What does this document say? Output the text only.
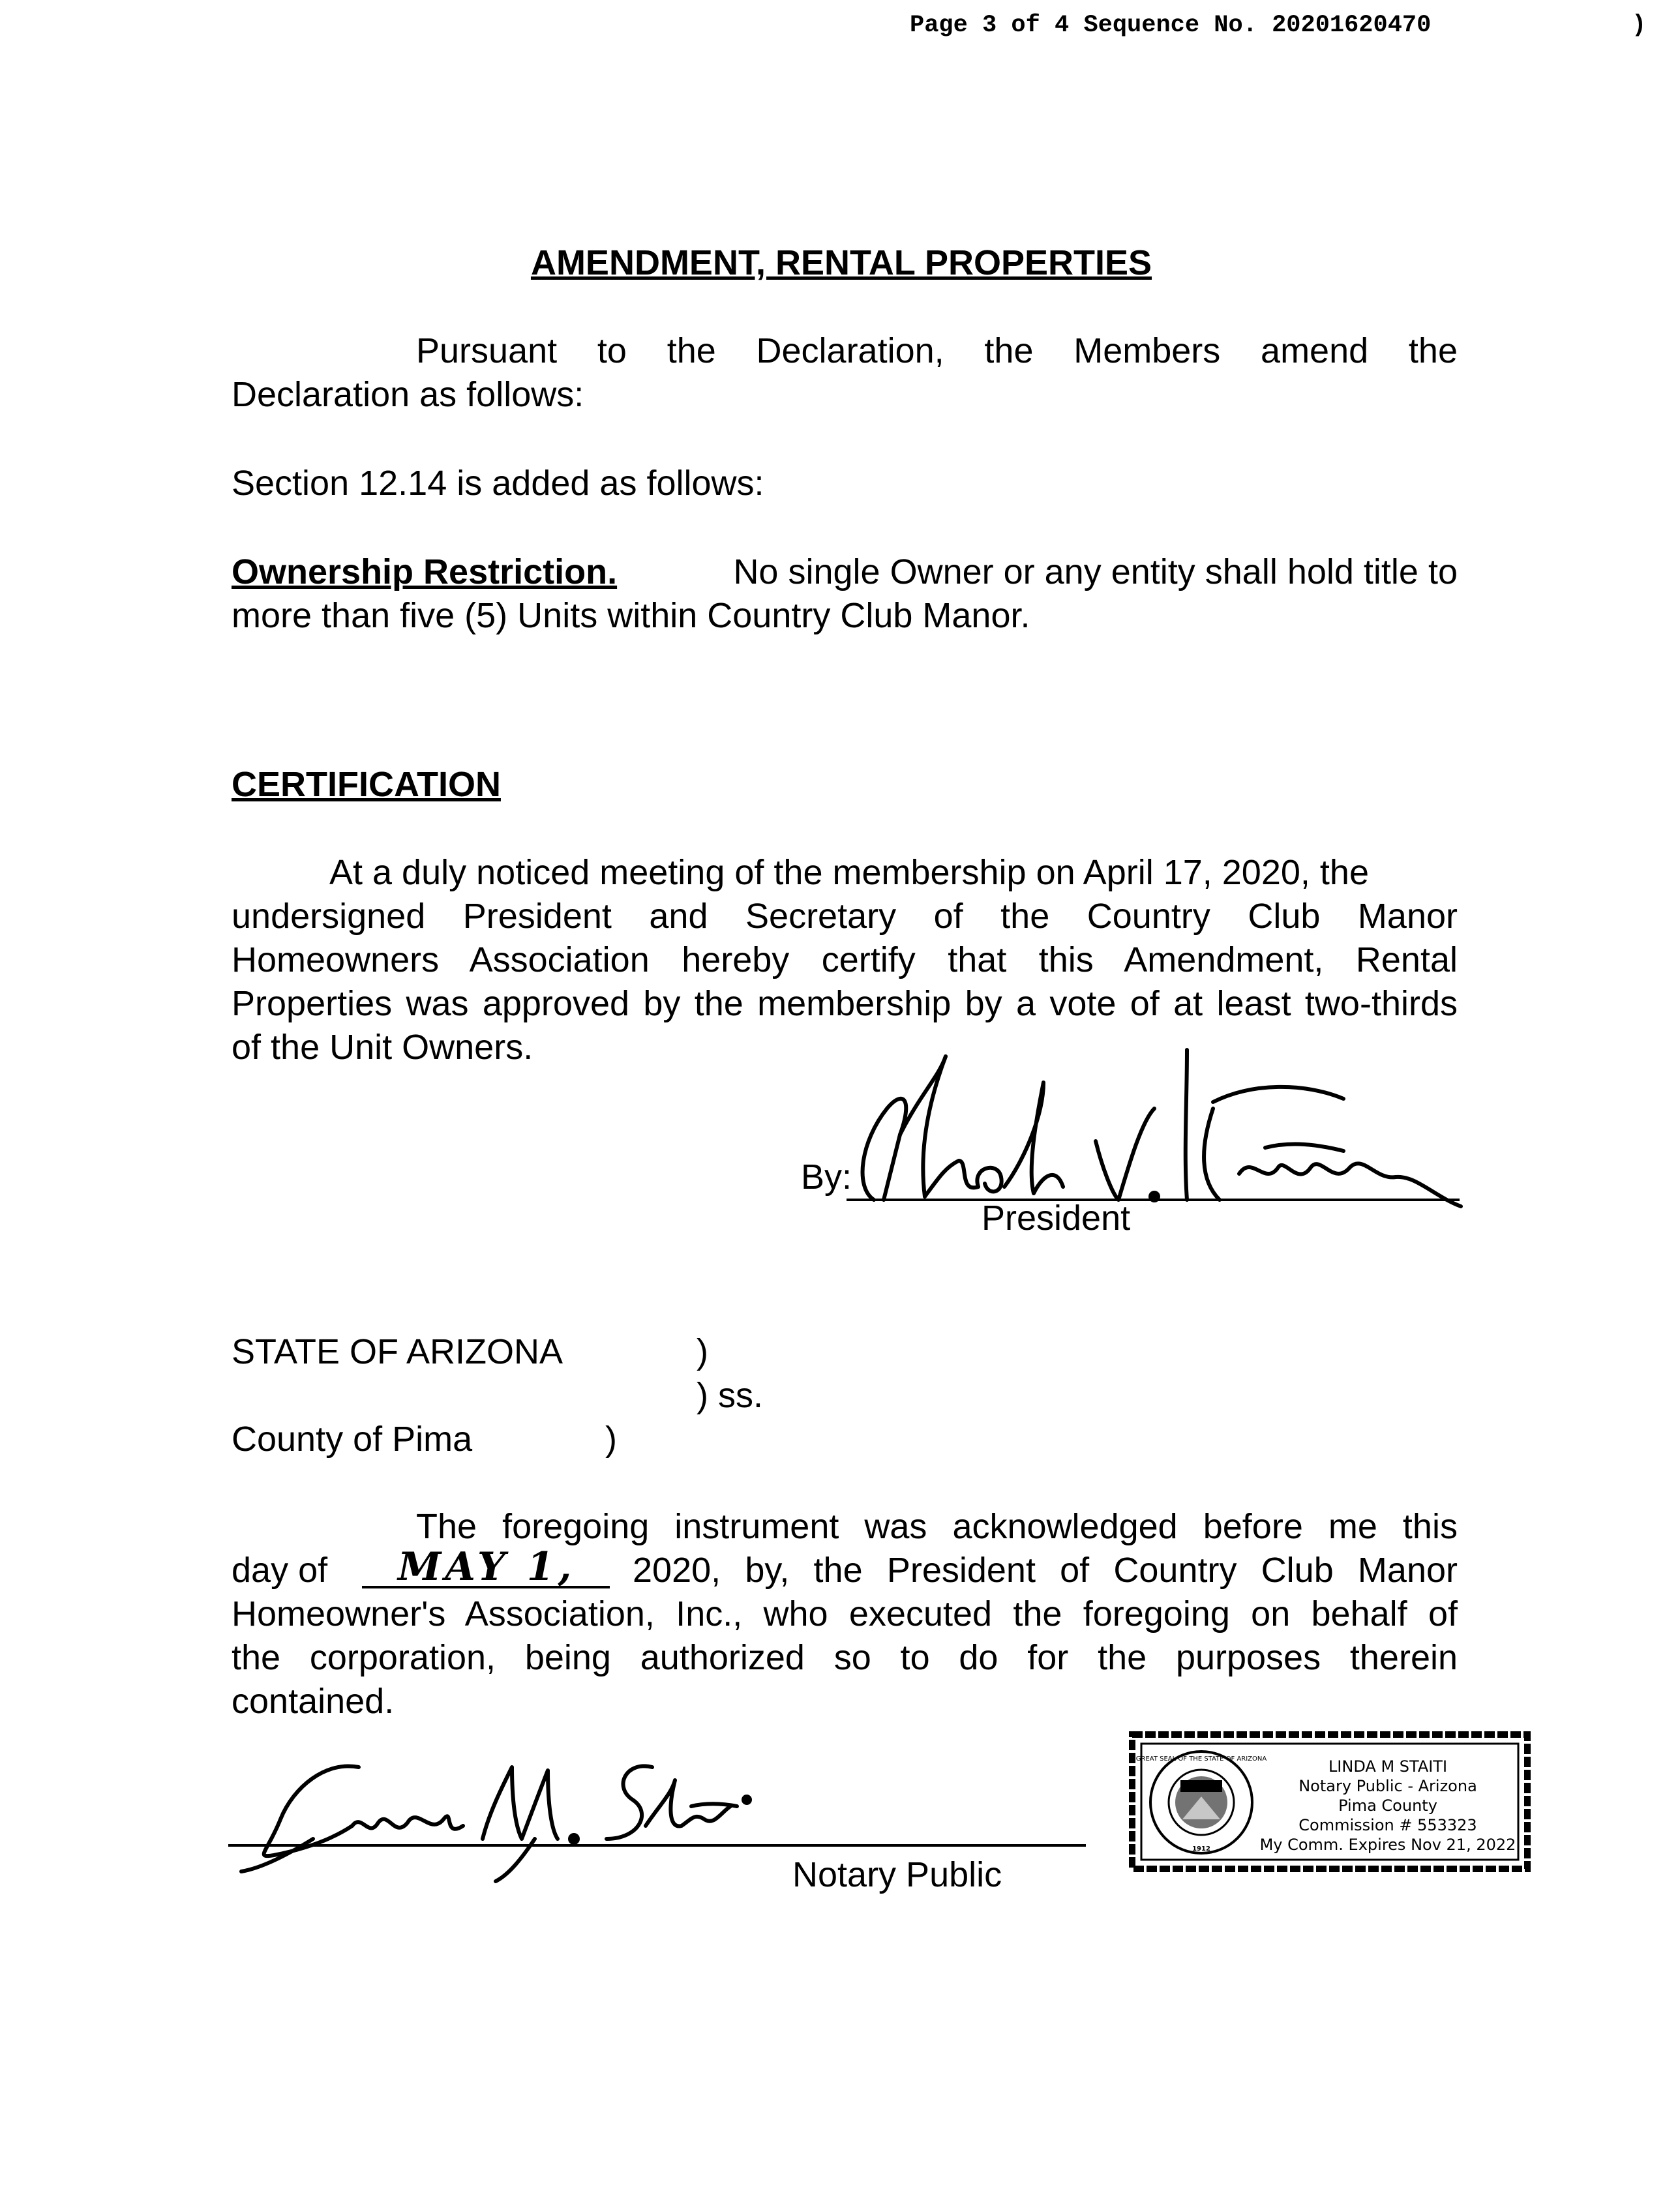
Page 3 of 4 Sequence No. 20201620470	)
AMENDMENT, RENTAL PROPERTIES
Pursuant to the Declaration, the Members amend the
Declaration as follows:
Section 12.14 is added as follows:
Ownership Restriction.	No single Owner or any entity shall hold title to
more than five (5) Units within Country Club Manor.
CERTIFICATION
At a duly noticed meeting of the membership on April 17, 2020, the
undersigned President and Secretary of the Country Club Manor
Homeowners Association hereby certify that this Amendment, Rental
Properties was approved by the membership by a vote of at least two-thirds
of the Unit Owners.
By:
President
STATE OF ARIZONA	)
) ss.
County of Pima	)
The foregoing instrument was acknowledged before me this
day of MAY 1, 2020, by, the President of Country Club Manor
Homeowner's Association, Inc., who executed the foregoing on behalf of
the corporation, being authorized so to do for the purposes therein
contained.
Notary Public
GREAT SEAL OF THE STATE OF ARIZONA
1912
LINDA M STAITI
Notary Public - Arizona
Pima County
Commission # 553323
My Comm. Expires Nov 21, 2022
